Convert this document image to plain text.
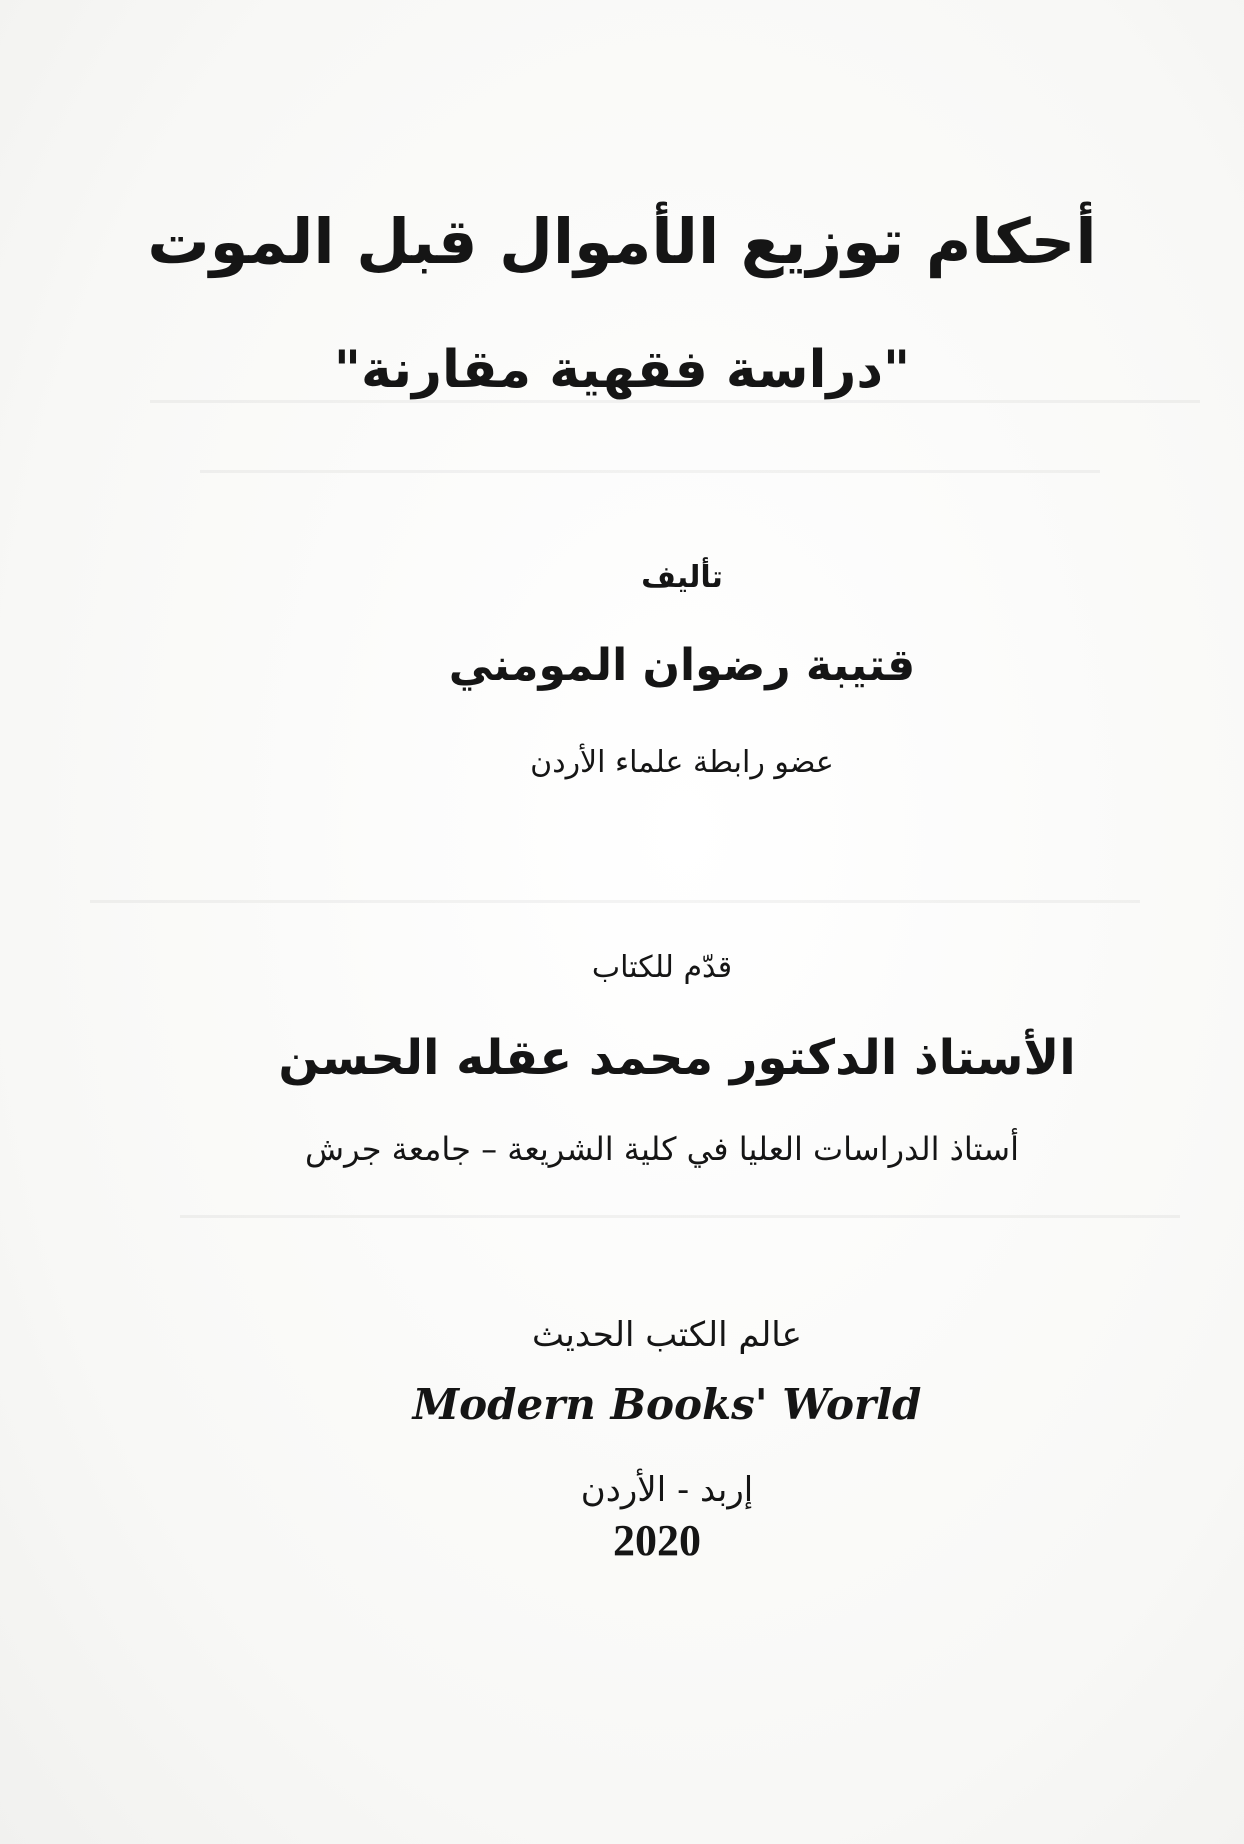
أحكام توزيع الأموال قبل الموت
"دراسة فقهية مقارنة"
تأليف
قتيبة رضوان المومني
عضو رابطة علماء الأردن
قدّم للكتاب
الأستاذ الدكتور محمد عقله الحسن
أستاذ الدراسات العليا في كلية الشريعة – جامعة جرش
عالم الكتب الحديث
Modern Books' World
إربد - الأردن
2020
